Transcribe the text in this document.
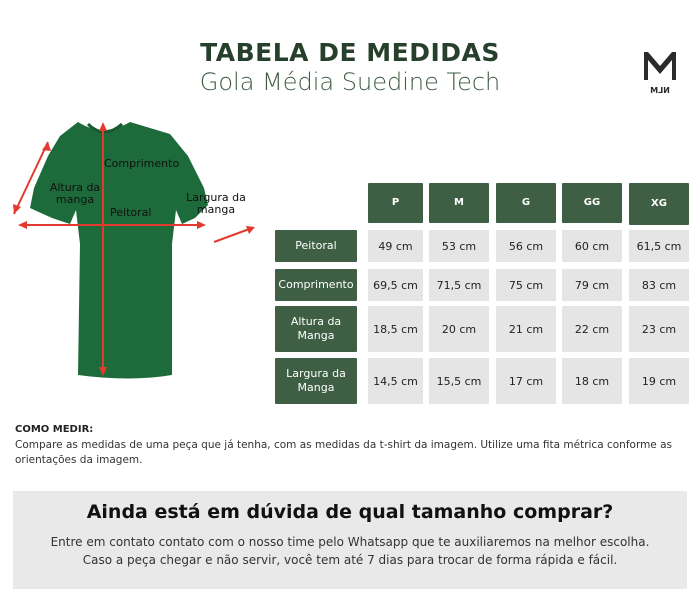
TABELA DE MEDIDAS
Gola Média Suedine Tech	NLM
Comprimento
Altura da manga
Peitoral
Largura da manga
P	M	G	GG	XG
Peitoral	49 cm	53 cm	56 cm	60 cm	61,5 cm
Comprimento	69,5 cm	71,5 cm	75 cm	79 cm	83 cm
Altura da Manga	18,5 cm	20 cm	21 cm	22 cm	23 cm
Largura da Manga	14,5 cm	15,5 cm	17 cm	18 cm	19 cm
COMO MEDIR:
Compare as medidas de uma peça que já tenha, com as medidas da t-shirt da imagem. Utilize uma fita métrica conforme as orientações da imagem.
Ainda está em dúvida de qual tamanho comprar?
Entre em contato contato com o nosso time pelo Whatsapp que te auxiliaremos na melhor escolha.
Caso a peça chegar e não servir, você tem até 7 dias para trocar de forma rápida e fácil.
